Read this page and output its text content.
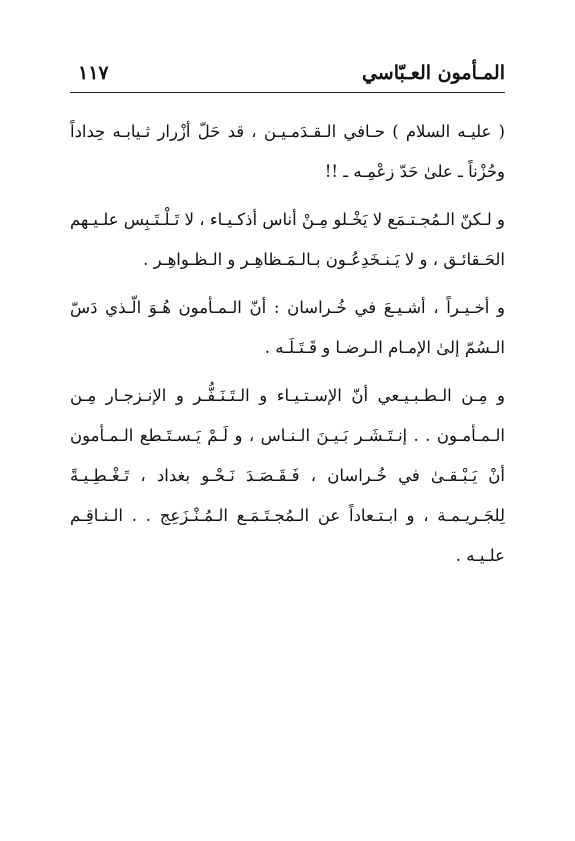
١١٧	المـأمون العـبّاسي

( عليـه السلام ) حـافي الـقـدَمـيـن ، قد حَلّ أزْرار ثـيابـه حِداداً وحُزْناً ـ علىٰ حَدّ زعْمِـه ـ !!

و لـكنّ الـمُجـتـمَع لا يَخْـلو مِـنْ أناس أذكـيـاء ، لا تَـلْـتَـبِس علـيـهم الحَـقائـق ، و لا يَـنـخَدِعُـون بـالـمَـظاهِـر و الـظـواهِـر .

و أخـيـراً ، أشـيـعَ في خُـراسان : أنّ الـمـأمون هُـوَ الّـذي دَسّ الـسُمّ إلىٰ الإمـام الـرضـا و قَـتَـلَـه .

و مِـن الـطـبـيـعي أنّ الإسـتـيـاء و الـتَـنَـفُّـر و الإنـزجـار مِـن الـمـأمـون . . إنـتَـشَـر بَـيـنَ الـنـاس ، و لَـمْ يَـسـتَـطع الـمـأمون أنْ يَـبْـقـىٰ في خُـراسان ، فَـقَـصَـدَ نَـحْـو بغداد ، تَـغْـطِـيـةً لِلجَـريـمـة ، و ابـتـعاداً عن الـمُجـتَـمَـع الـمُـنْـزَعِج . . الـنـاقِـم علـيـه .
